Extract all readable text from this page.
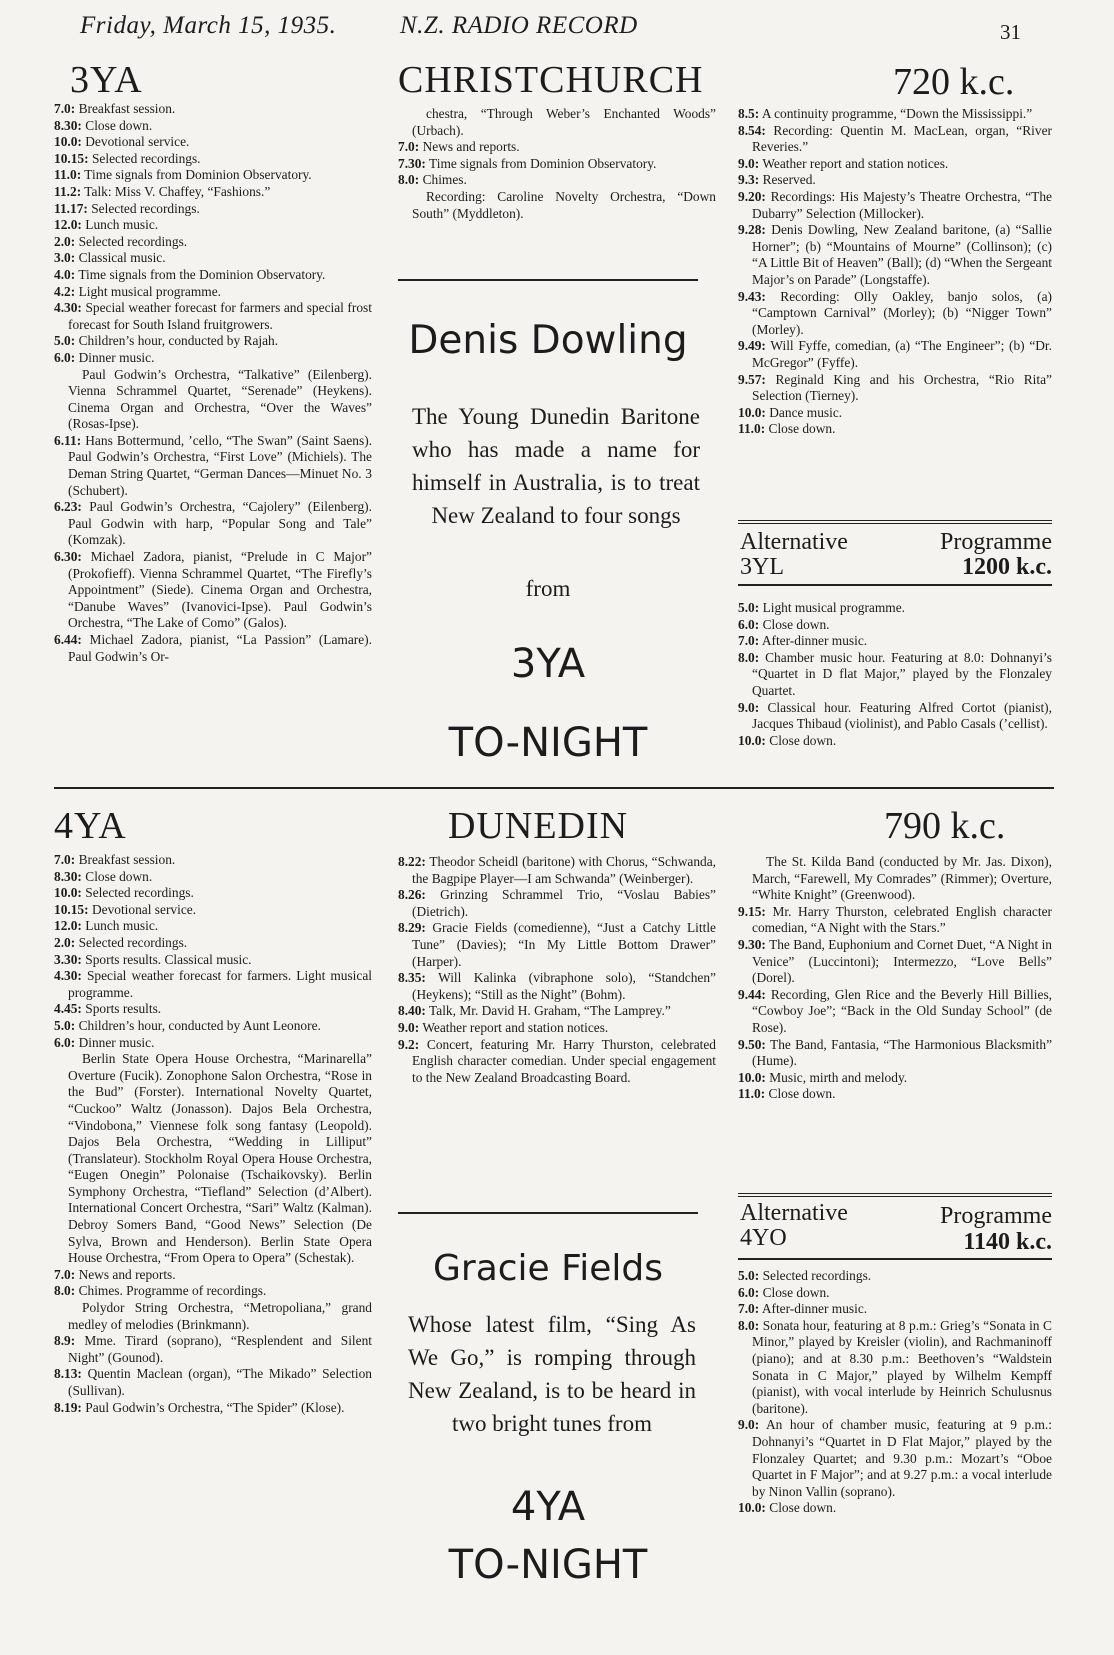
Friday, March 15, 1935.	N.Z. RADIO RECORD	31
3YA	CHRISTCHURCH	720 k.c.

7.0: Breakfast session.

8.30: Close down.

10.0: Devotional service.

10.15: Selected recordings.

11.0: Time signals from Dominion Observatory.

11.2: Talk: Miss V. Chaffey, “Fashions.”

11.17: Selected recordings.

12.0: Lunch music.

2.0: Selected recordings.

3.0: Classical music.

4.0: Time signals from the Dominion Observatory.

4.2: Light musical programme.

4.30: Special weather forecast for farmers and special frost forecast for South Island fruitgrowers.

5.0: Children’s hour, conducted by Rajah.

6.0: Dinner music.

Paul Godwin’s Orchestra, “Talkative” (Eilenberg). Vienna Schrammel Quartet, “Serenade” (Heykens). Cinema Organ and Orchestra, “Over the Waves” (Rosas-Ipse).

6.11: Hans Bottermund, ’cello, “The Swan” (Saint Saens). Paul Godwin’s Orchestra, “First Love” (Michiels). The Deman String Quartet, “German Dances—Minuet No. 3 (Schubert).

6.23: Paul Godwin’s Orchestra, “Cajolery” (Eilenberg). Paul Godwin with harp, “Popular Song and Tale” (Komzak).

6.30: Michael Zadora, pianist, “Prelude in C Major” (Prokofieff). Vienna Schrammel Quartet, “The Firefly’s Appointment” (Siede). Cinema Organ and Orchestra, “Danube Waves” (Ivanovici-Ipse). Paul Godwin’s Orchestra, “The Lake of Como” (Galos).

6.44: Michael Zadora, pianist, “La Passion” (Lamare). Paul Godwin’s Or-

chestra, “Through Weber’s Enchanted Woods” (Urbach).

7.0: News and reports.

7.30: Time signals from Dominion Observatory.

8.0: Chimes.

Recording: Caroline Novelty Orchestra, “Down South” (Myddleton).

8.5: A continuity programme, “Down the Mississippi.”

8.54: Recording: Quentin M. MacLean, organ, “River Reveries.”

9.0: Weather report and station notices.

9.3: Reserved.

9.20: Recordings: His Majesty’s Theatre Orchestra, “The Dubarry” Selection (Millocker).

9.28: Denis Dowling, New Zealand baritone, (a) “Sallie Horner”; (b) “Mountains of Mourne” (Collinson); (c) “A Little Bit of Heaven” (Ball); (d) “When the Sergeant Major’s on Parade” (Longstaffe).

9.43: Recording: Olly Oakley, banjo solos, (a) “Camptown Carnival” (Morley); (b) “Nigger Town” (Morley).

9.49: Will Fyffe, comedian, (a) “The Engineer”; (b) “Dr. McGregor” (Fyffe).

9.57: Reginald King and his Orchestra, “Rio Rita” Selection (Tierney).

10.0: Dance music.

11.0: Close down.

Denis Dowling
The Young Dunedin Baritone who has made a name for himself in Australia, is to treat New Zealand to four songs
from
3YA
TO-NIGHT
Alternative
3YL
Programme
1200 k.c.

5.0: Light musical programme.

6.0: Close down.

7.0: After-dinner music.

8.0: Chamber music hour. Featuring at 8.0: Dohnanyi’s “Quartet in D flat Major,” played by the Flonzaley Quartet.

9.0: Classical hour. Featuring Alfred Cortot (pianist), Jacques Thibaud (violinist), and Pablo Casals (’cellist).

10.0: Close down.

4YA	DUNEDIN	790 k.c.

7.0: Breakfast session.

8.30: Close down.

10.0: Selected recordings.

10.15: Devotional service.

12.0: Lunch music.

2.0: Selected recordings.

3.30: Sports results. Classical music.

4.30: Special weather forecast for farmers. Light musical programme.

4.45: Sports results.

5.0: Children’s hour, conducted by Aunt Leonore.

6.0: Dinner music.

Berlin State Opera House Orchestra, “Marinarella” Overture (Fucik). Zonophone Salon Orchestra, “Rose in the Bud” (Forster). International Novelty Quartet, “Cuckoo” Waltz (Jonasson). Dajos Bela Orchestra, “Vindobona,” Viennese folk song fantasy (Leopold). Dajos Bela Orchestra, “Wedding in Lilliput” (Translateur). Stockholm Royal Opera House Orchestra, “Eugen Onegin” Polonaise (Tschaikovsky). Berlin Symphony Orchestra, “Tiefland” Selection (d’Albert). International Concert Orchestra, “Sari” Waltz (Kalman). Debroy Somers Band, “Good News” Selection (De Sylva, Brown and Henderson). Berlin State Opera House Orchestra, “From Opera to Opera” (Schestak).

7.0: News and reports.

8.0: Chimes. Programme of recordings.

Polydor String Orchestra, “Metropoliana,” grand medley of melodies (Brinkmann).

8.9: Mme. Tirard (soprano), “Resplendent and Silent Night” (Gounod).

8.13: Quentin Maclean (organ), “The Mikado” Selection (Sullivan).

8.19: Paul Godwin’s Orchestra, “The Spider” (Klose).

8.22: Theodor Scheidl (baritone) with Chorus, “Schwanda, the Bagpipe Player—I am Schwanda” (Weinberger).

8.26: Grinzing Schrammel Trio, “Voslau Babies” (Dietrich).

8.29: Gracie Fields (comedienne), “Just a Catchy Little Tune” (Davies); “In My Little Bottom Drawer” (Harper).

8.35: Will Kalinka (vibraphone solo), “Standchen” (Heykens); “Still as the Night” (Bohm).

8.40: Talk, Mr. David H. Graham, “The Lamprey.”

9.0: Weather report and station notices.

9.2: Concert, featuring Mr. Harry Thurston, celebrated English character comedian. Under special engagement to the New Zealand Broadcasting Board.

The St. Kilda Band (conducted by Mr. Jas. Dixon), March, “Farewell, My Comrades” (Rimmer); Overture, “White Knight” (Greenwood).

9.15: Mr. Harry Thurston, celebrated English character comedian, “A Night with the Stars.”

9.30: The Band, Euphonium and Cornet Duet, “A Night in Venice” (Luccintoni); Intermezzo, “Love Bells” (Dorel).

9.44: Recording, Glen Rice and the Beverly Hill Billies, “Cowboy Joe”; “Back in the Old Sunday School” (de Rose).

9.50: The Band, Fantasia, “The Harmonious Blacksmith” (Hume).

10.0: Music, mirth and melody.

11.0: Close down.

Gracie Fields
Whose latest film, “Sing As We Go,” is romping through New Zealand, is to be heard in two bright tunes from
4YA
TO-NIGHT
Alternative
4YO
Programme
1140 k.c.

5.0: Selected recordings.

6.0: Close down.

7.0: After-dinner music.

8.0: Sonata hour, featuring at 8 p.m.: Grieg’s “Sonata in C Minor,” played by Kreisler (violin), and Rachmaninoff (piano); and at 8.30 p.m.: Beethoven’s “Waldstein Sonata in C Major,” played by Wilhelm Kempff (pianist), with vocal interlude by Heinrich Schulusnus (baritone).

9.0: An hour of chamber music, featuring at 9 p.m.: Dohnanyi’s “Quartet in D Flat Major,” played by the Flonzaley Quartet; and 9.30 p.m.: Mozart’s “Oboe Quartet in F Major”; and at 9.27 p.m.: a vocal interlude by Ninon Vallin (soprano).

10.0: Close down.
